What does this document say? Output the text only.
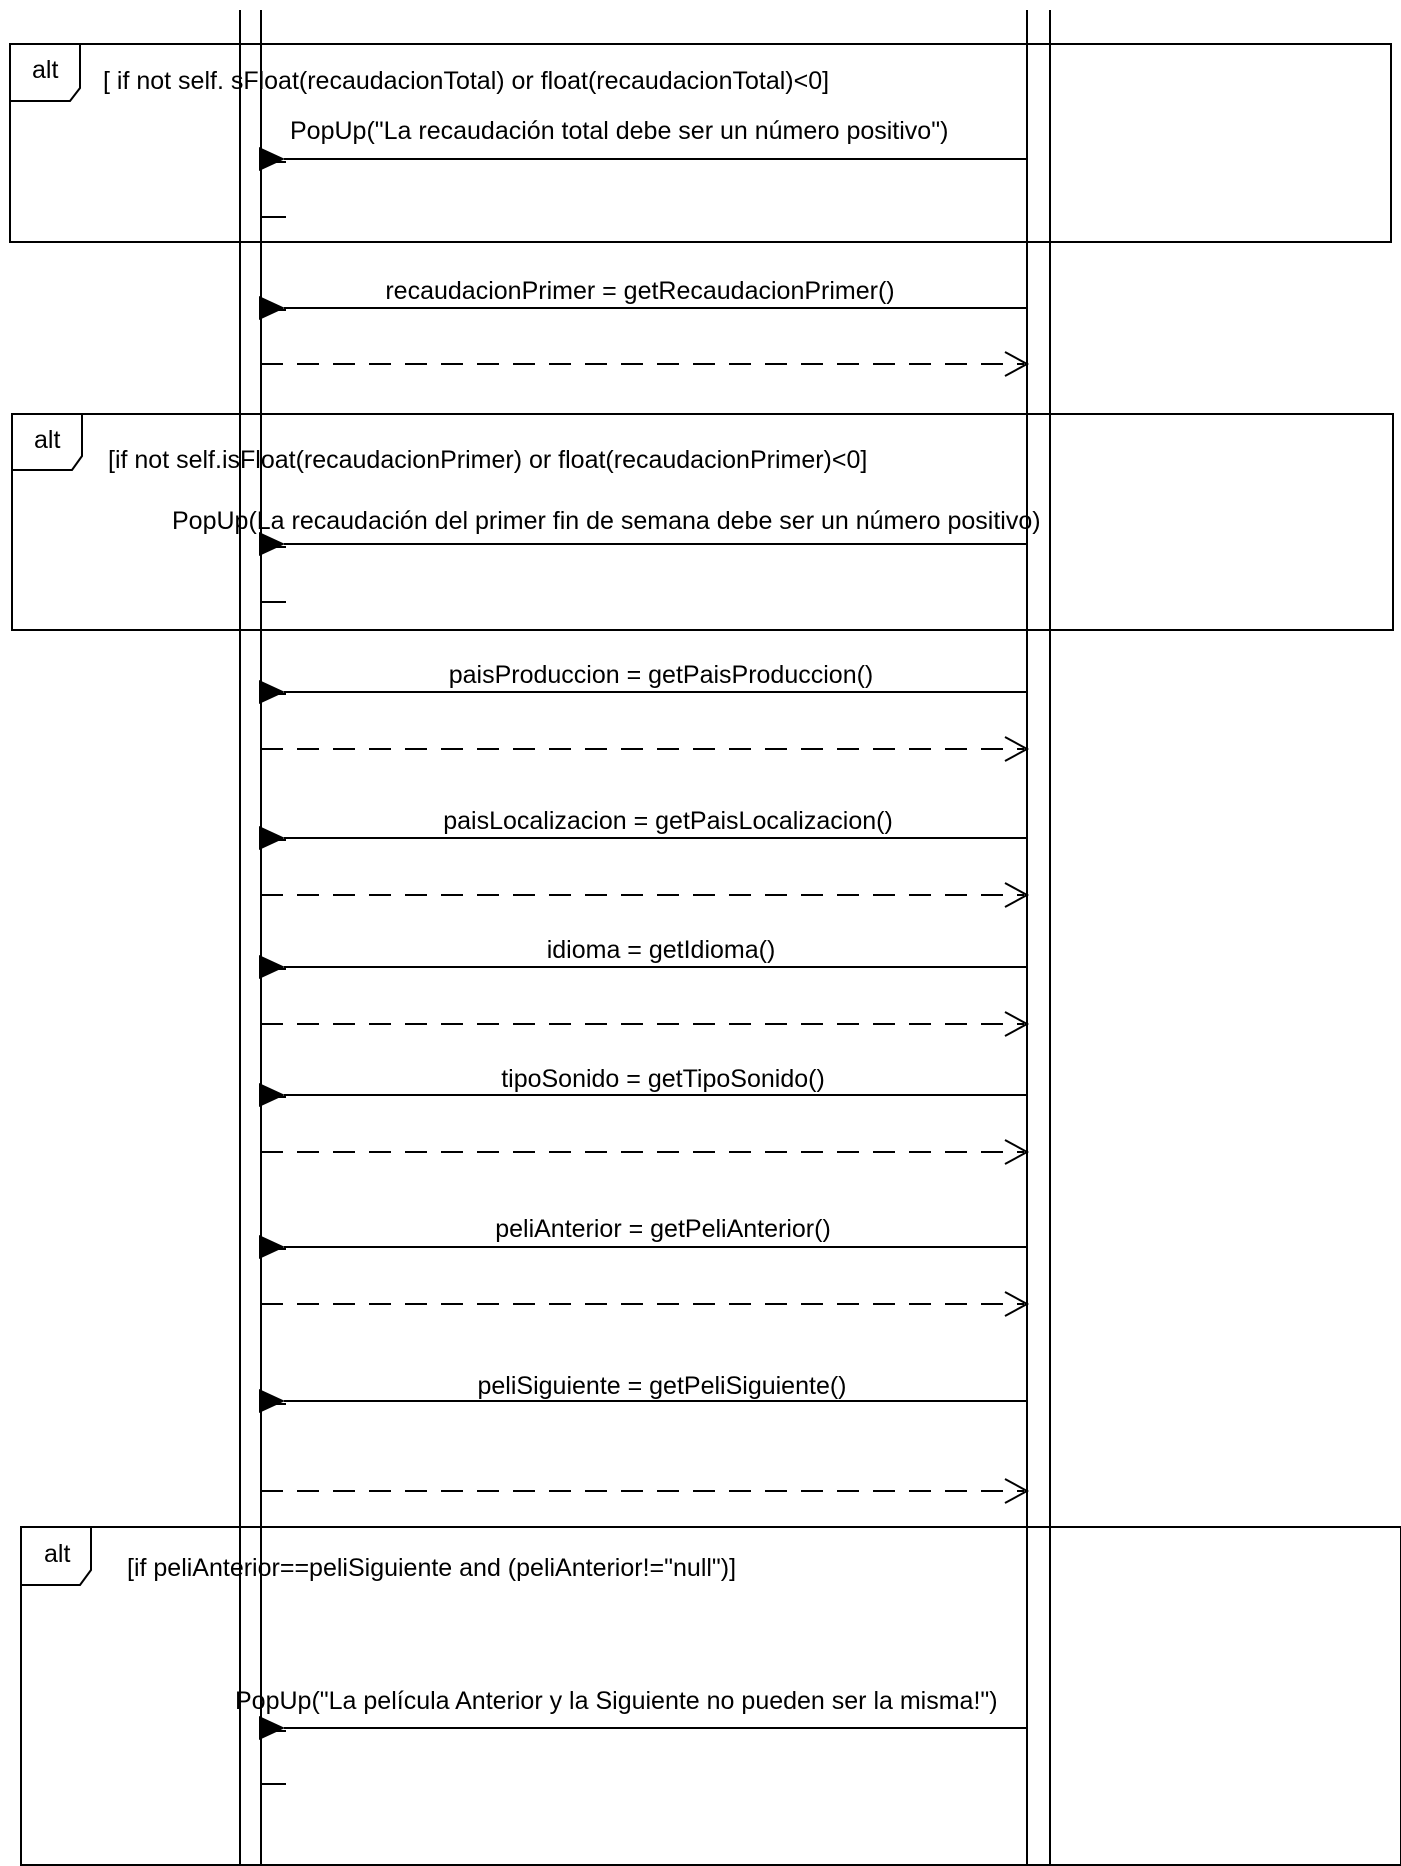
alt [ if not self. sFloat(recaudacionTotal) or float(recaudacionTotal)<0]
PopUp("La recaudación total debe ser un número positivo")
recaudacionPrimer = getRecaudacionPrimer()
alt
[if not self.isFloat(recaudacionPrimer) or float(recaudacionPrimer)<0]
PopUp(La recaudación del primer fin de semana debe ser un número positivo)
paisProduccion = getPaisProduccion()
paisLocalizacion = getPaisLocalizacion()
idioma = getIdioma()
tipoSonido = getTipoSonido()
peliAnterior = getPeliAnterior()
peliSiguiente = getPeliSiguiente()
alt [if peliAnterior==peliSiguiente and (peliAnterior!="null")]
PopUp("La película Anterior y la Siguiente no pueden ser la misma!")
